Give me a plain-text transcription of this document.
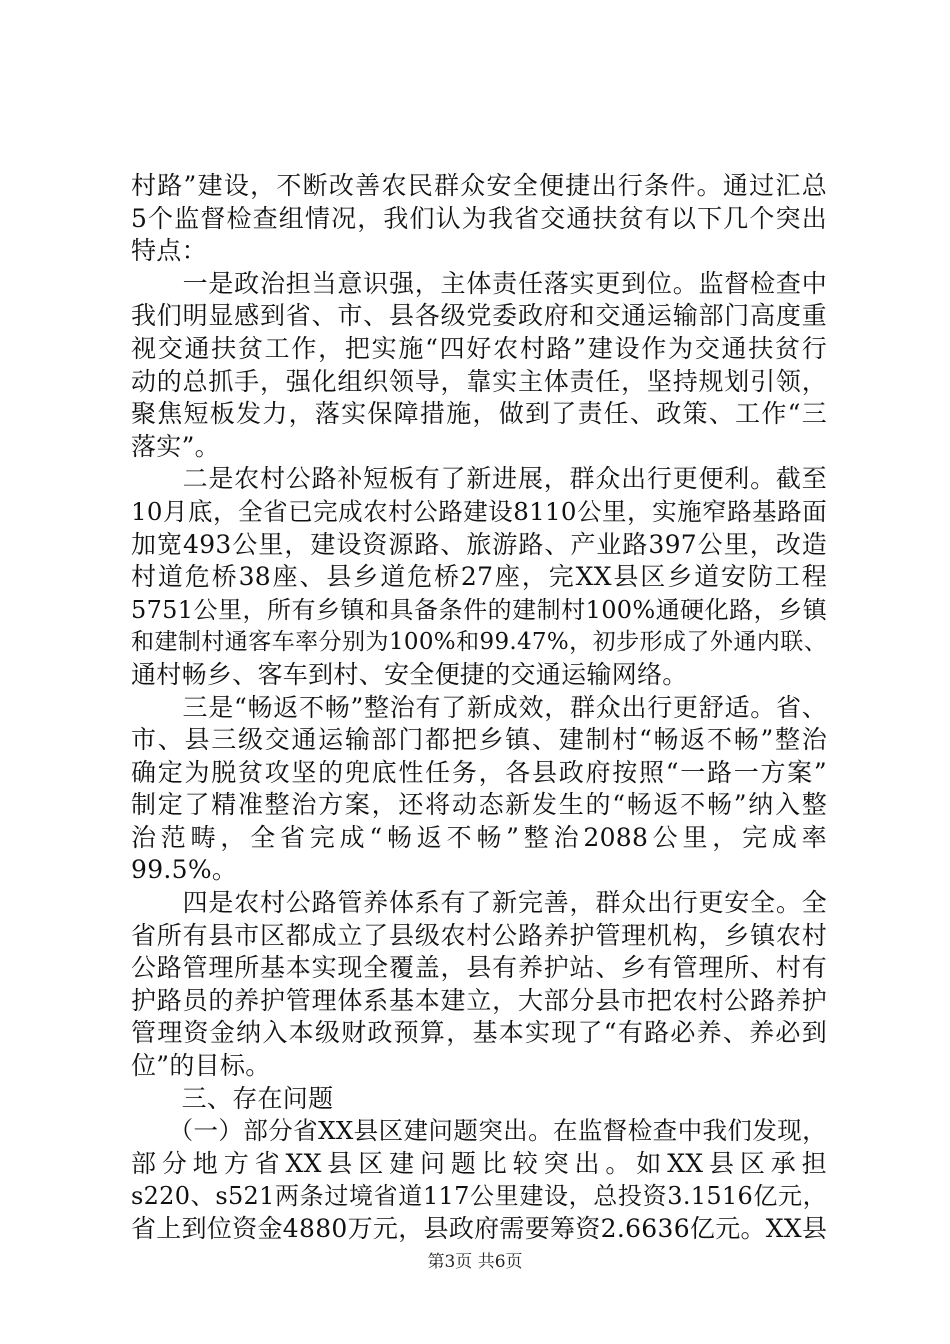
村路”建设，不断改善农民群众安全便捷出行条件。通过汇总
5个监督检查组情况，我们认为我省交通扶贫有以下几个突出
特点：
　　一是政治担当意识强，主体责任落实更到位。监督检查中
我们明显感到省、市、县各级党委政府和交通运输部门高度重
视交通扶贫工作，把实施“四好农村路”建设作为交通扶贫行
动的总抓手，强化组织领导，靠实主体责任，坚持规划引领，
聚焦短板发力，落实保障措施，做到了责任、政策、工作“三
落实”。
　　二是农村公路补短板有了新进展，群众出行更便利。截至
10月底，全省已完成农村公路建设8110公里，实施窄路基路面
加宽493公里，建设资源路、旅游路、产业路397公里，改造
村道危桥38座、县乡道危桥27座，完XX县区乡道安防工程
5751公里，所有乡镇和具备条件的建制村100%通硬化路，乡镇
和建制村通客车率分别为100%和99.47%，初步形成了外通内联、
通村畅乡、客车到村、安全便捷的交通运输网络。
　　三是“畅返不畅”整治有了新成效，群众出行更舒适。省、
市、县三级交通运输部门都把乡镇、建制村“畅返不畅”整治
确定为脱贫攻坚的兜底性任务，各县政府按照“一路一方案”
制定了精准整治方案，还将动态新发生的“畅返不畅”纳入整
治范畴，全省完成“畅返不畅”整治2088公里，完成率
99.5%。
　　四是农村公路管养体系有了新完善，群众出行更安全。全
省所有县市区都成立了县级农村公路养护管理机构，乡镇农村
公路管理所基本实现全覆盖，县有养护站、乡有管理所、村有
护路员的养护管理体系基本建立，大部分县市把农村公路养护
管理资金纳入本级财政预算，基本实现了“有路必养、养必到
位”的目标。
　　三、存在问题
　　（一）部分省XX县区建问题突出。在监督检查中我们发现，
部分地方省XX县区建问题比较突出。如XX县区承担
s220、s521两条过境省道117公里建设，总投资3.1516亿元，
省上到位资金4880万元，县政府需要筹资2.6636亿元。XX县
第3页 共6页
